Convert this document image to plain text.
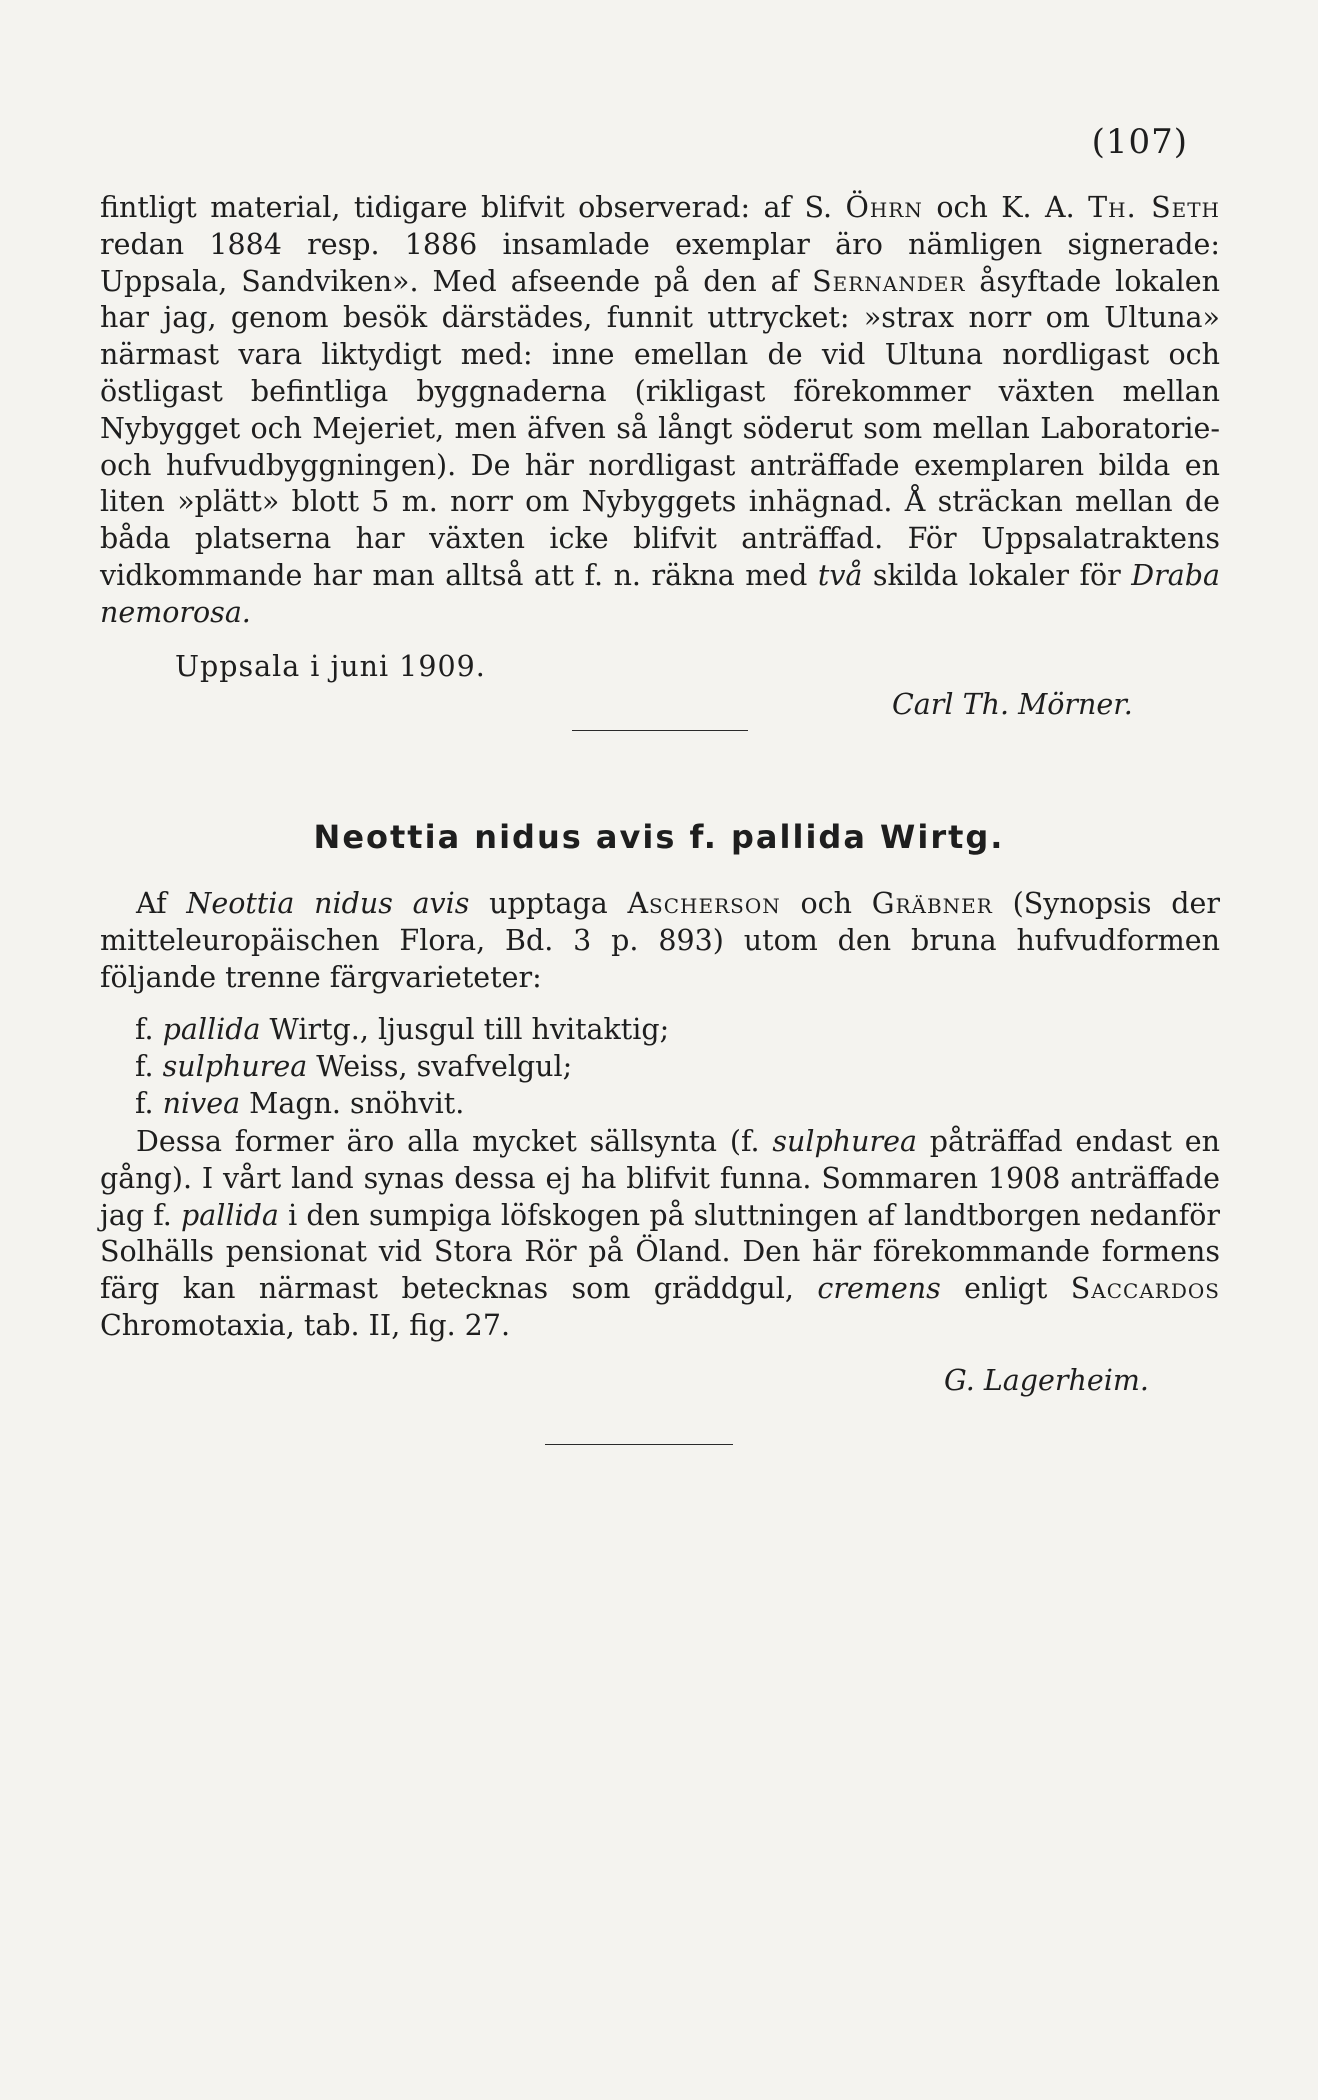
(107)

fintligt material, tidigare blifvit observerad: af S. Öhrn och K. A. Th. Seth redan 1884 resp. 1886 insamlade exemplar äro nämligen signerade: Uppsala, Sandviken». Med afseende på den af Sernander åsyftade lokalen har jag, genom besök därstädes, funnit uttrycket: »strax norr om Ultuna» närmast vara liktydigt med: inne emellan de vid Ultuna nordligast och östligast befintliga byggnaderna (rikligast förekommer växten mellan Nybygget och Mejeriet, men äfven så långt söderut som mellan Laboratorie- och hufvudbyggningen). De här nordligast anträffade exemplaren bilda en liten »plätt» blott 5 m. norr om Nybyggets inhägnad. Å sträckan mellan de båda platserna har växten icke blifvit anträffad. För Uppsalatraktens vidkommande har man alltså att f. n. räkna med två skilda lokaler för Draba nemorosa.

Uppsala i juni 1909.
Carl Th. Mörner.
Neottia nidus avis f. pallida Wirtg.

Af Neottia nidus avis upptaga Ascherson och Gräbner (Synopsis der mitteleuropäischen Flora, Bd. 3 p. 893) utom den bruna hufvudformen följande trenne färgvarieteter:

f. pallida Wirtg., ljusgul till hvitaktig;
f. sulphurea Weiss, svafvelgul;
f. nivea Magn. snöhvit.

Dessa former äro alla mycket sällsynta (f. sulphurea påträffad endast en gång). I vårt land synas dessa ej ha blifvit funna. Sommaren 1908 anträffade jag f. pallida i den sumpiga löfskogen på sluttningen af landtborgen nedanför Solhälls pensionat vid Stora Rör på Öland. Den här förekommande formens färg kan närmast betecknas som gräddgul, cremens enligt Saccardos Chromotaxia, tab. II, fig. 27.

G. Lagerheim.
